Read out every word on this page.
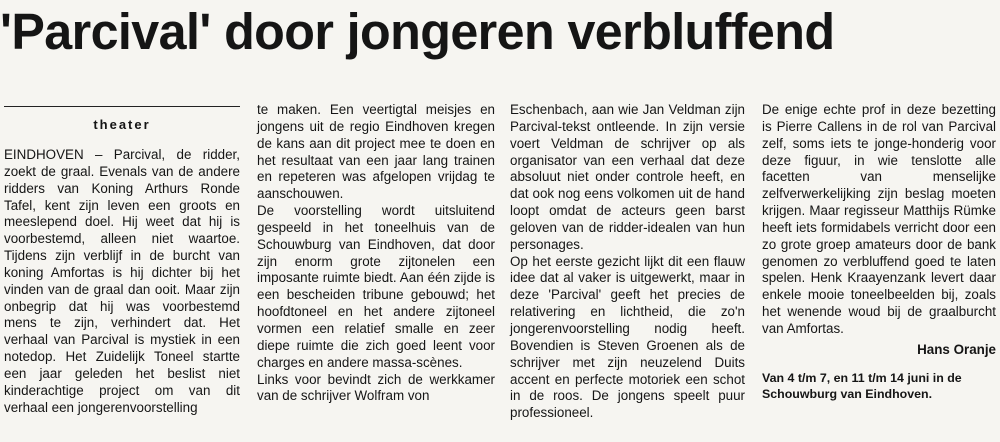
'Parcival' door jongeren verbluffend
theater

EINDHOVEN – Parcival, de ridder, zoekt de graal. Evenals van de andere ridders van Koning Arthurs Ronde Tafel, kent zijn leven een groots en meeslepend doel. Hij weet dat hij is voorbestemd, alleen niet waartoe. Tijdens zijn verblijf in de burcht van koning Amfortas is hij dichter bij het vinden van de graal dan ooit. Maar zijn onbegrip dat hij was voorbestemd mens te zijn, verhindert dat. Het verhaal van Parcival is mystiek in een notedop. Het Zuidelijk Toneel startte een jaar geleden het beslist niet kinderachtige project om van dit verhaal een jongerenvoorstelling

te maken. Een veertigtal meisjes en jongens uit de regio Eindhoven kregen de kans aan dit project mee te doen en het resultaat van een jaar lang trainen en repeteren was afgelopen vrijdag te aanschouwen.

De voorstelling wordt uitsluitend gespeeld in het toneelhuis van de Schouwburg van Eindhoven, dat door zijn enorm grote zijtonelen een imposante ruimte biedt. Aan één zijde is een bescheiden tribune gebouwd; het hoofdtoneel en het andere zijtoneel vormen een relatief smalle en zeer diepe ruimte die zich goed leent voor charges en andere massa-scènes.

Links voor bevindt zich de werkkamer van de schrijver Wolfram von

Eschenbach, aan wie Jan Veldman zijn Parcival-tekst ontleende. In zijn versie voert Veldman de schrijver op als organisator van een verhaal dat deze absoluut niet onder controle heeft, en dat ook nog eens volkomen uit de hand loopt omdat de acteurs geen barst geloven van de ridder-idealen van hun personages.

Op het eerste gezicht lijkt dit een flauw idee dat al vaker is uitgewerkt, maar in deze 'Parcival' geeft het precies de relativering en lichtheid, die zo'n jongerenvoorstelling nodig heeft. Bovendien is Steven Groenen als de schrijver met zijn neuzelend Duits accent en perfecte motoriek een schot in de roos. De jongens speelt puur professioneel.

De enige echte prof in deze bezetting is Pierre Callens in de rol van Parcival zelf, soms iets te jonge-honderig voor deze figuur, in wie tenslotte alle facetten van menselijke zelfverwerkelijking zijn beslag moeten krijgen. Maar regisseur Matthijs Rümke heeft iets formidabels verricht door een zo grote groep amateurs door de bank genomen zo verbluffend goed te laten spelen. Henk Kraayenzank levert daar enkele mooie toneelbeelden bij, zoals het wenende woud bij de graalburcht van Amfortas.

Hans Oranje
Van 4 t/m 7, en 11 t/m 14 juni in de Schouwburg van Eindhoven.
